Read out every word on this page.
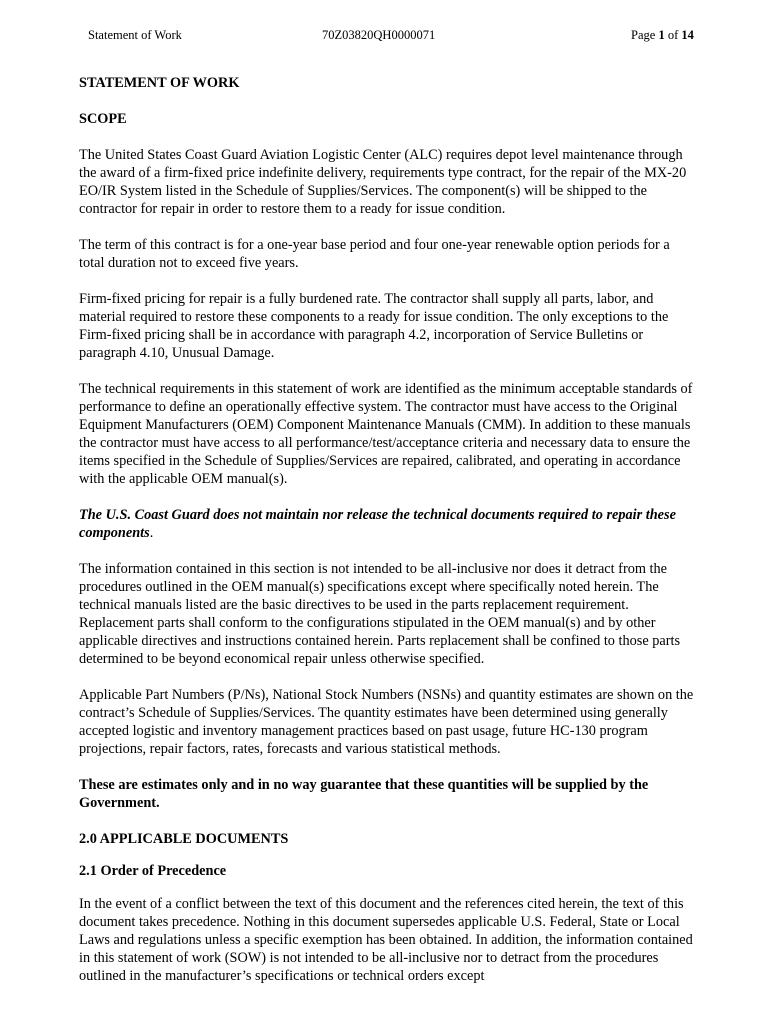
Statement of Work	70Z03820QH0000071	Page 1 of 14

STATEMENT OF WORK

SCOPE

The United States Coast Guard Aviation Logistic Center (ALC) requires depot level maintenance through the award of a firm-fixed price indefinite delivery, requirements type contract, for the repair of the MX-20 EO/IR System listed in the Schedule of Supplies/Services. The component(s) will be shipped to the contractor for repair in order to restore them to a ready for issue condition.

The term of this contract is for a one-year base period and four one-year renewable option periods for a total duration not to exceed five years.

Firm-fixed pricing for repair is a fully burdened rate. The contractor shall supply all parts, labor, and material required to restore these components to a ready for issue condition. The only exceptions to the Firm-fixed pricing shall be in accordance with paragraph 4.2, incorporation of Service Bulletins or paragraph 4.10, Unusual Damage.

The technical requirements in this statement of work are identified as the minimum acceptable standards of performance to define an operationally effective system. The contractor must have access to the Original Equipment Manufacturers (OEM) Component Maintenance Manuals (CMM). In addition to these manuals the contractor must have access to all performance/test/acceptance criteria and necessary data to ensure the items specified in the Schedule of Supplies/Services are repaired, calibrated, and operating in accordance with the applicable OEM manual(s).

The U.S. Coast Guard does not maintain nor release the technical documents required to repair these components.

The information contained in this section is not intended to be all-inclusive nor does it detract from the procedures outlined in the OEM manual(s) specifications except where specifically noted herein. The technical manuals listed are the basic directives to be used in the parts replacement requirement. Replacement parts shall conform to the configurations stipulated in the OEM manual(s) and by other applicable directives and instructions contained herein. Parts replacement shall be confined to those parts determined to be beyond economical repair unless otherwise specified.

Applicable Part Numbers (P/Ns), National Stock Numbers (NSNs) and quantity estimates are shown on the contract’s Schedule of Supplies/Services. The quantity estimates have been determined using generally accepted logistic and inventory management practices based on past usage, future HC-130 program projections, repair factors, rates, forecasts and various statistical methods.

These are estimates only and in no way guarantee that these quantities will be supplied by the Government.

2.0 APPLICABLE DOCUMENTS

2.1 Order of Precedence

In the event of a conflict between the text of this document and the references cited herein, the text of this document takes precedence. Nothing in this document supersedes applicable U.S. Federal, State or Local Laws and regulations unless a specific exemption has been obtained. In addition, the information contained in this statement of work (SOW) is not intended to be all-inclusive nor to detract from the procedures outlined in the manufacturer’s specifications or technical orders except
